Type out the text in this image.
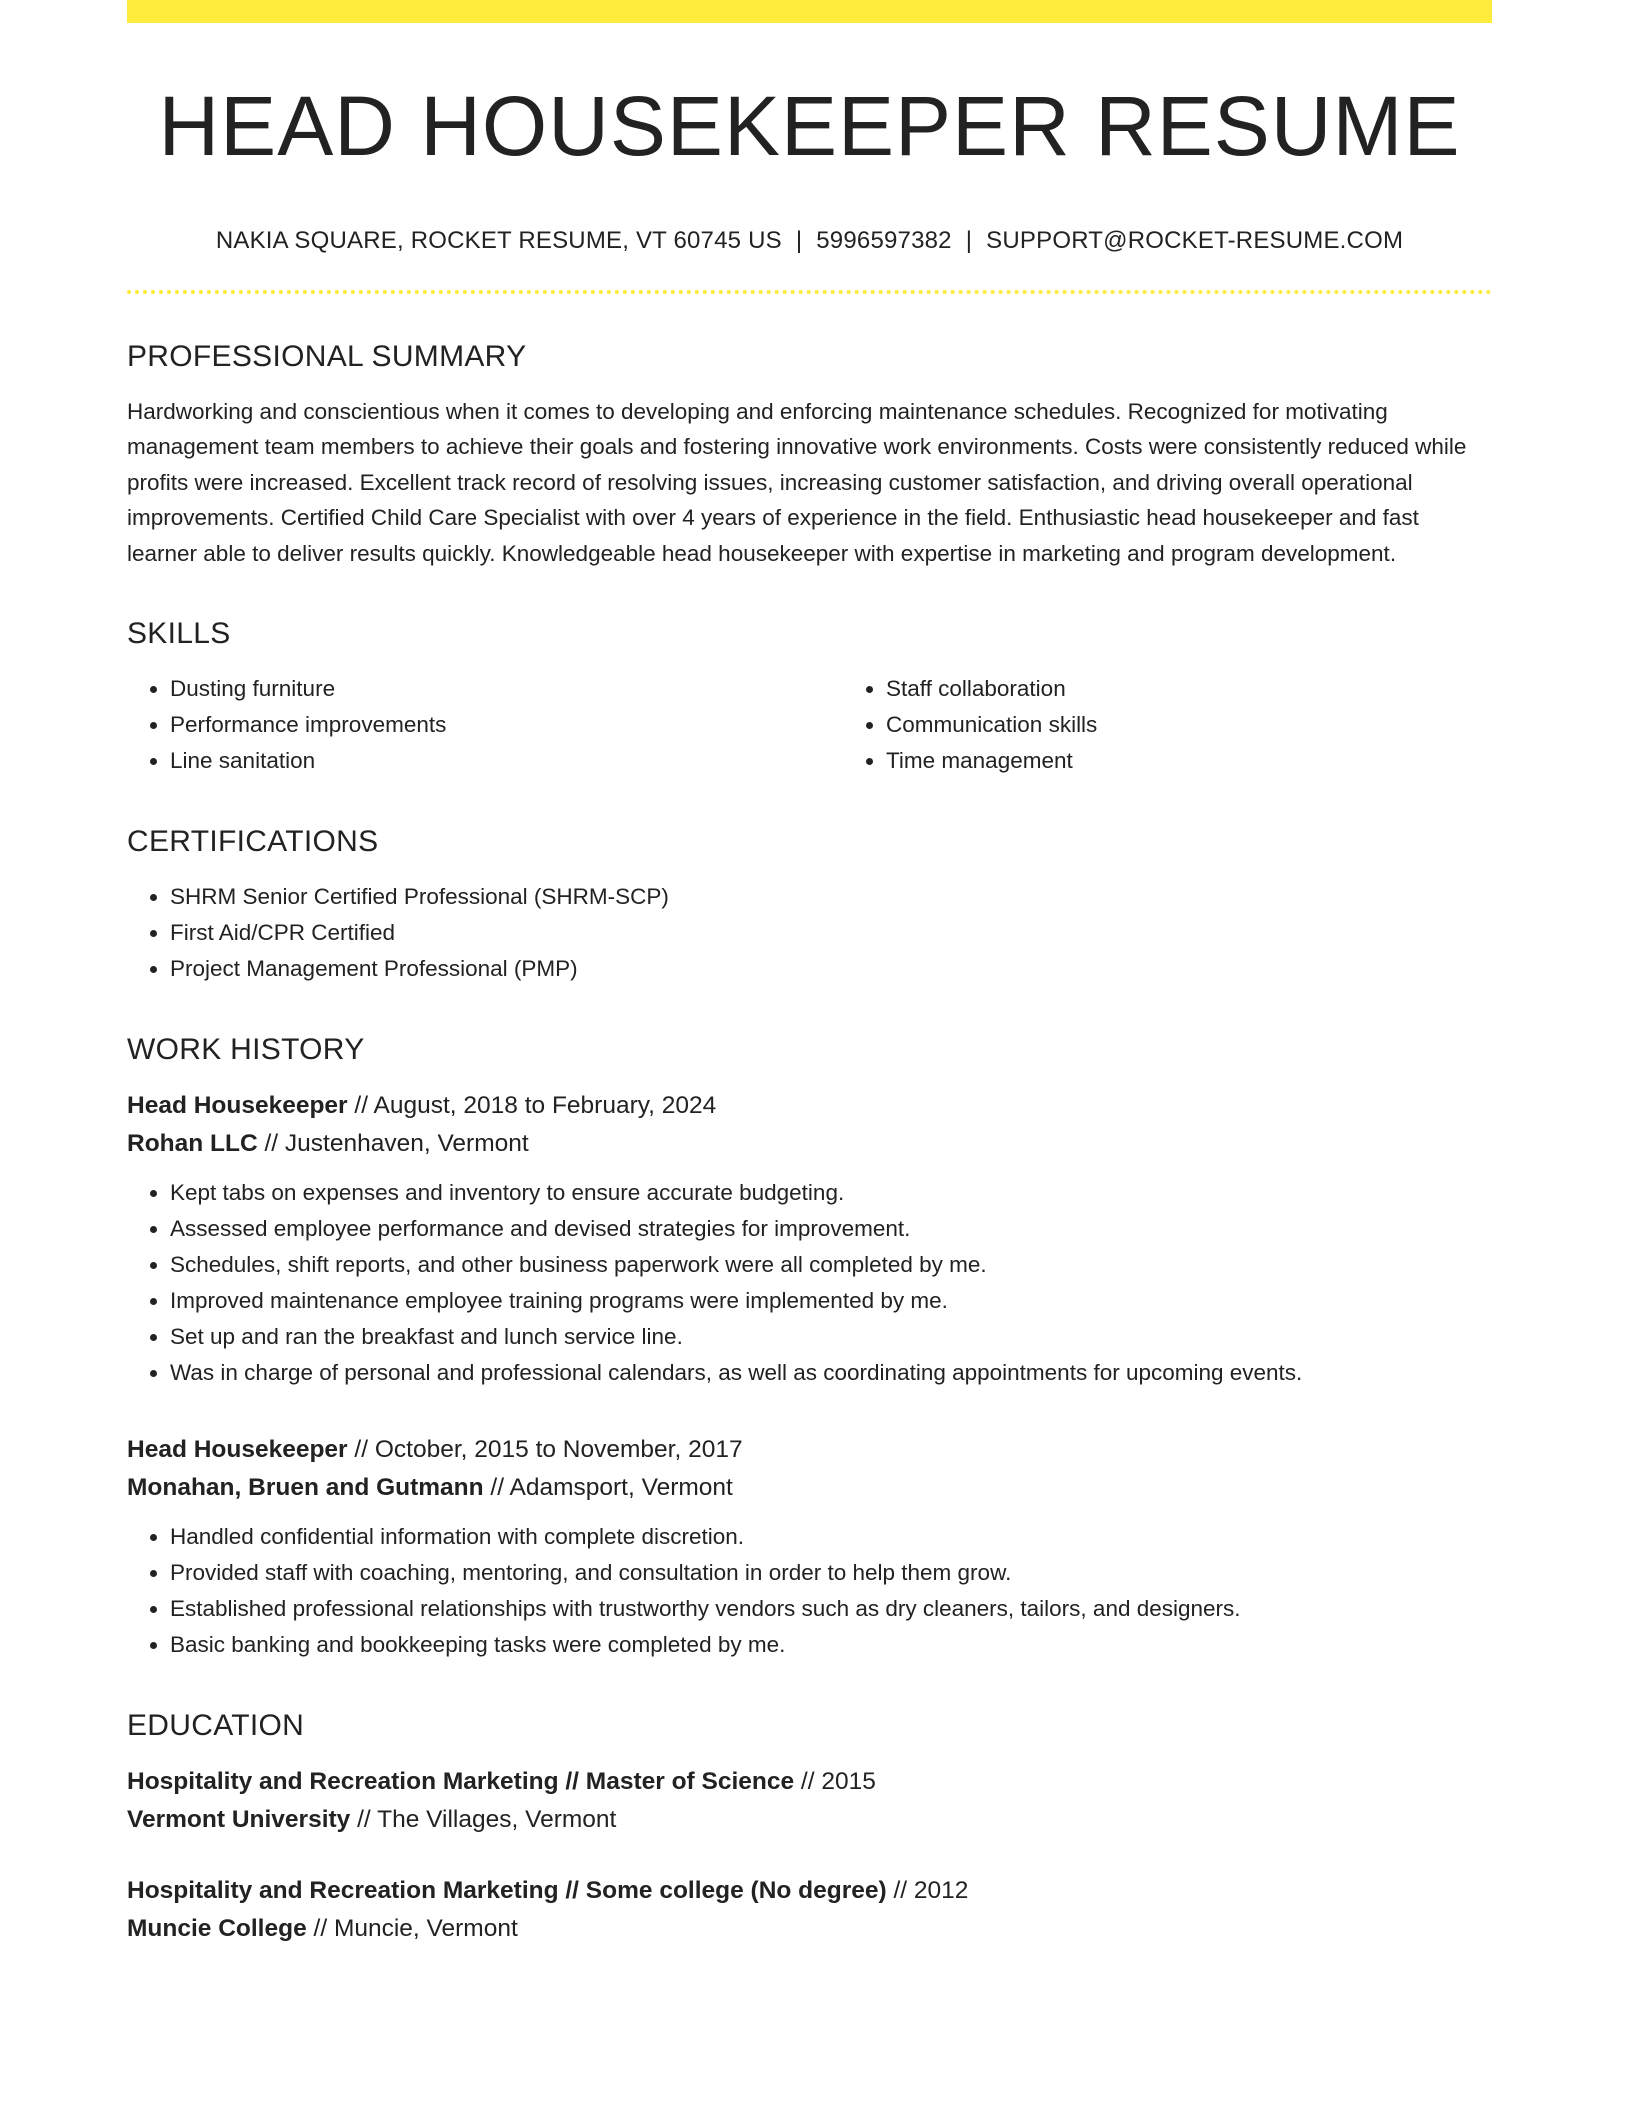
HEAD HOUSEKEEPER RESUME
NAKIA SQUARE, ROCKET RESUME, VT 60745 US | 5996597382 | SUPPORT@ROCKET-RESUME.COM
PROFESSIONAL SUMMARY

Hardworking and conscientious when it comes to developing and enforcing maintenance schedules. Recognized for motivating management team members to achieve their goals and fostering innovative work environments. Costs were consistently reduced while profits were increased. Excellent track record of resolving issues, increasing customer satisfaction, and driving overall operational improvements. Certified Child Care Specialist with over 4 years of experience in the field. Enthusiastic head housekeeper and fast learner able to deliver results quickly. Knowledgeable head housekeeper with expertise in marketing and program development.

SKILLS
• Dusting furniture
• Performance improvements
• Line sanitation
• Staff collaboration
• Communication skills
• Time management
CERTIFICATIONS
• SHRM Senior Certified Professional (SHRM-SCP)
• First Aid/CPR Certified
• Project Management Professional (PMP)
WORK HISTORY
Head Housekeeper // August, 2018 to February, 2024
Rohan LLC // Justenhaven, Vermont
• Kept tabs on expenses and inventory to ensure accurate budgeting.
• Assessed employee performance and devised strategies for improvement.
• Schedules, shift reports, and other business paperwork were all completed by me.
• Improved maintenance employee training programs were implemented by me.
• Set up and ran the breakfast and lunch service line.
• Was in charge of personal and professional calendars, as well as coordinating appointments for upcoming events.
Head Housekeeper // October, 2015 to November, 2017
Monahan, Bruen and Gutmann // Adamsport, Vermont
• Handled confidential information with complete discretion.
• Provided staff with coaching, mentoring, and consultation in order to help them grow.
• Established professional relationships with trustworthy vendors such as dry cleaners, tailors, and designers.
• Basic banking and bookkeeping tasks were completed by me.
EDUCATION
Hospitality and Recreation Marketing // Master of Science // 2015
Vermont University // The Villages, Vermont
Hospitality and Recreation Marketing // Some college (No degree) // 2012
Muncie College // Muncie, Vermont
